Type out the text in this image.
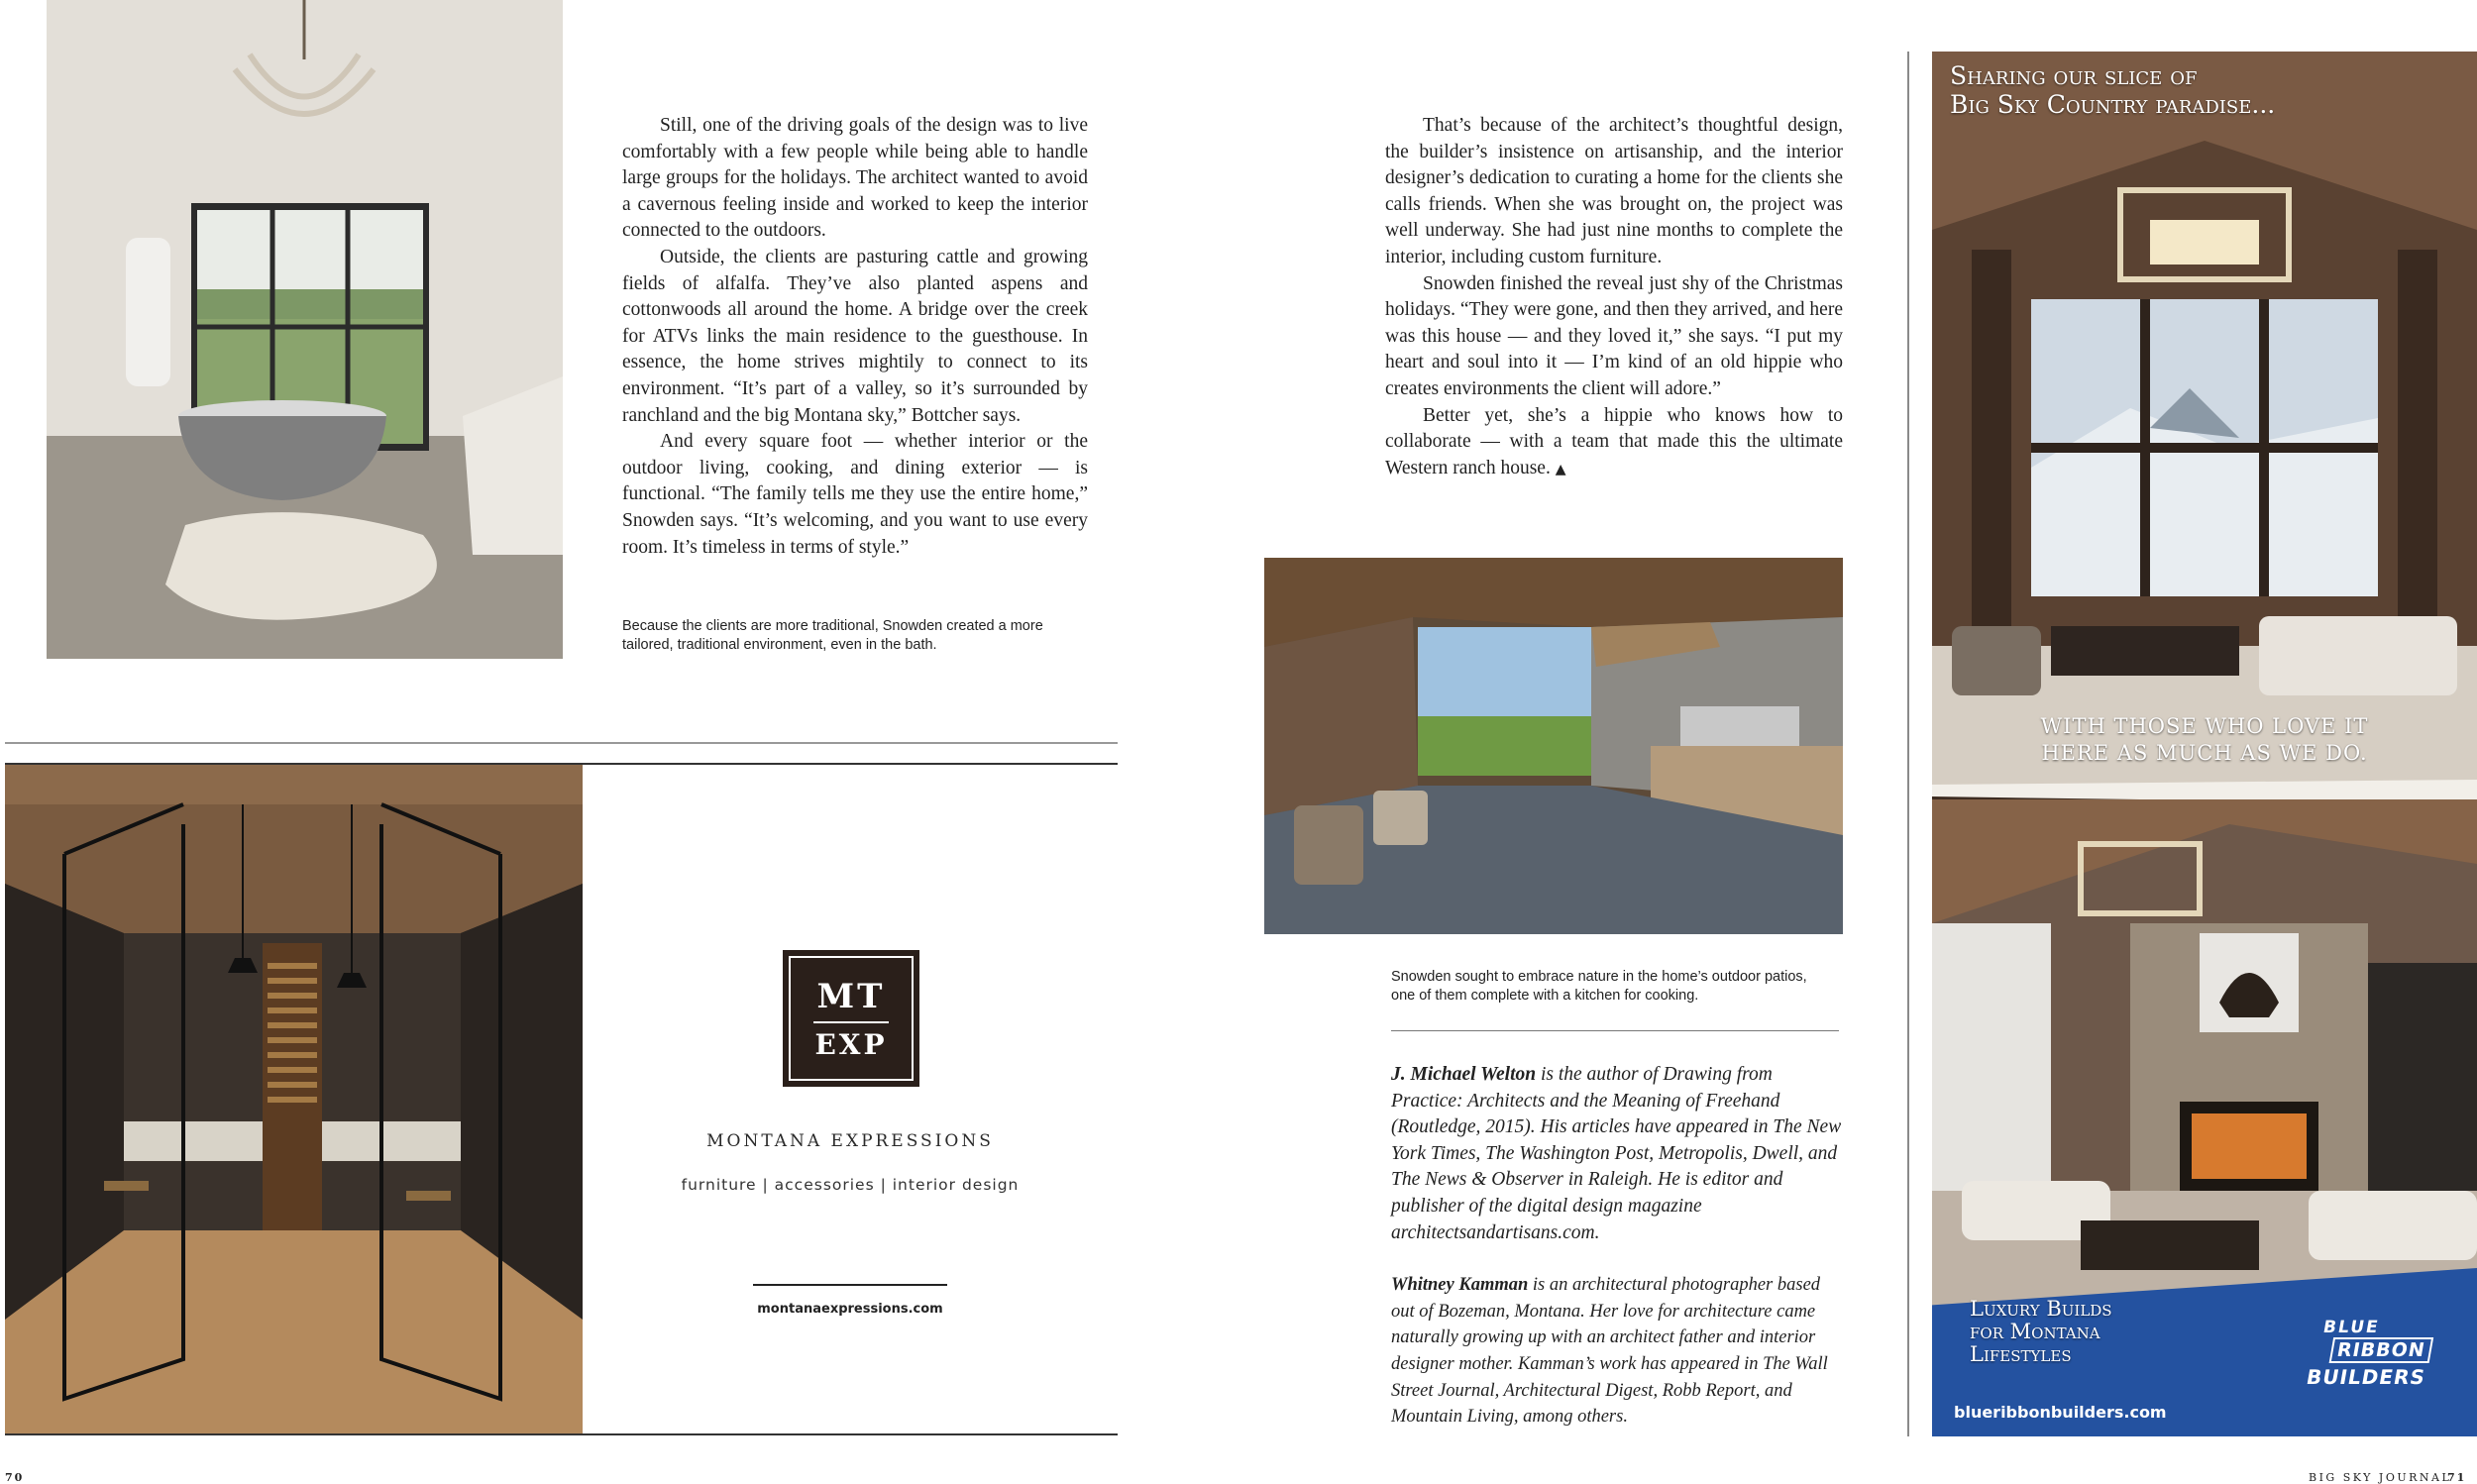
Still, one of the driving goals of the design was to live comfortably with a few people while being able to handle large groups for the holidays. The architect wanted to avoid a cavernous feeling inside and worked to keep the interior connected to the outdoors.

Outside, the clients are pasturing cattle and growing fields of alfalfa. They’ve also planted aspens and cottonwoods all around the home. A bridge over the creek for ATVs links the main residence to the guesthouse. In essence, the home strives mightily to connect to its environment. “It’s part of a valley, so it’s surrounded by ranchland and the big Montana sky,” Bottcher says.

And every square foot — whether interior or the outdoor living, cooking, and dining exterior — is functional. “The family tells me they use the entire home,” Snowden says. “It’s welcoming, and you want to use every room. It’s timeless in terms of style.”

Because the clients are more traditional, Snowden created a more tailored, traditional environment, even in the bath.
MT
EXP
MONTANA EXPRESSIONS
furniture | accessories | interior design
montanaexpressions.com
70

That’s because of the architect’s thoughtful design, the builder’s insistence on artisanship, and the interior designer’s dedication to curating a home for the clients she calls friends. When she was brought on, the project was well underway. She had just nine months to complete the interior, including custom furniture.

Snowden finished the reveal just shy of the Christmas holidays. “They were gone, and then they arrived, and here was this house — and they loved it,” she says. “I put my heart and soul into it — I’m kind of an old hippie who creates environments the client will adore.”

Better yet, she’s a hippie who knows how to collaborate — with a team that made this the ultimate Western ranch house. ▲

Snowden sought to embrace nature in the home’s outdoor patios, one of them complete with a kitchen for cooking.

J. Michael Welton is the author of Drawing from Practice: Architects and the Meaning of Freehand (Routledge, 2015). His articles have appeared in The New York Times, The Washington Post, Metropolis, Dwell, and The News & Observer in Raleigh. He is editor and publisher of the digital design magazine architectsandartisans.com.

Whitney Kamman is an architectural photographer based out of Bozeman, Montana. Her love for architecture came naturally growing up with an architect father and interior designer mother. Kamman’s work has appeared in The Wall Street Journal, Architectural Digest, Robb Report, and Mountain Living, among others.

Sharing our slice of
Big Sky Country paradise...
WITH THOSE WHO LOVE IT
HERE AS MUCH AS WE DO.
Luxury Builds
for Montana
Lifestyles
BLUE
RIBBON
BUILDERS
blueribbonbuilders.com
BIG SKY JOURNAL
71
